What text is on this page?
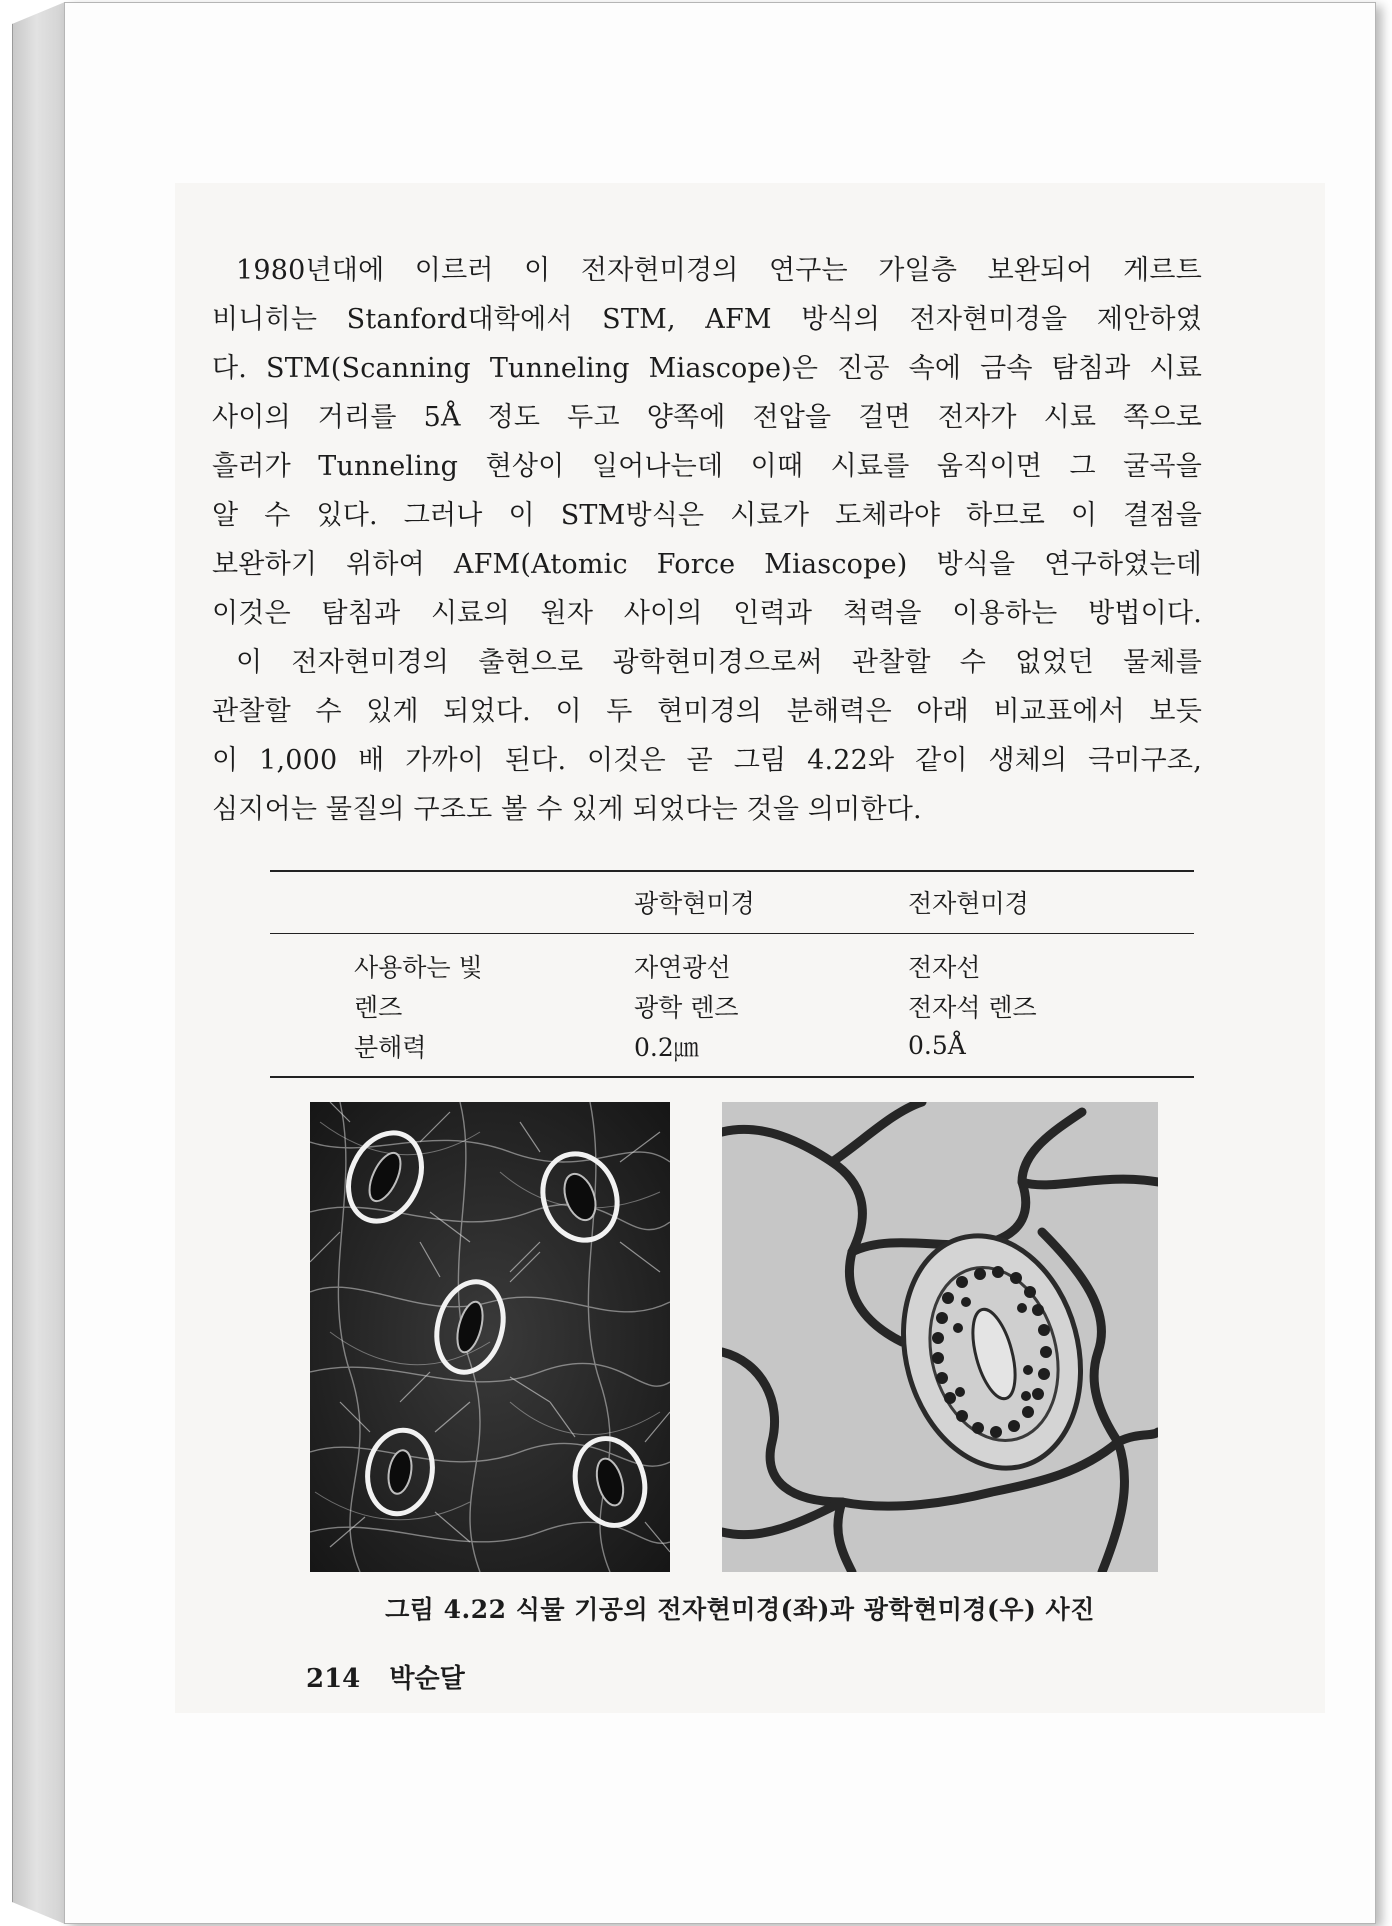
1980년대에 이르러 이 전자현미경의 연구는 가일층 보완되어 게르트
비니히는 Stanford대학에서 STM, AFM 방식의 전자현미경을 제안하였
다. STM(Scanning Tunneling Miascope)은 진공 속에 금속 탐침과 시료
사이의 거리를 5Å 정도 두고 양쪽에 전압을 걸면 전자가 시료 쪽으로
흘러가 Tunneling 현상이 일어나는데 이때 시료를 움직이면 그 굴곡을
알 수 있다. 그러나 이 STM방식은 시료가 도체라야 하므로 이 결점을
보완하기 위하여 AFM(Atomic Force Miascope) 방식을 연구하였는데
이것은 탐침과 시료의 원자 사이의 인력과 척력을 이용하는 방법이다.

이 전자현미경의 출현으로 광학현미경으로써 관찰할 수 없었던 물체를
관찰할 수 있게 되었다. 이 두 현미경의 분해력은 아래 비교표에서 보듯
이 1,000 배 가까이 된다. 이것은 곧 그림 4.22와 같이 생체의 극미구조,
심지어는 물질의 구조도 볼 수 있게 되었다는 것을 의미한다.

	광학현미경	전자현미경
사용하는 빛	자연광선	전자선
렌즈	광학 렌즈	전자석 렌즈
분해력	0.2㎛	0.5Å
그림 4.22 식물 기공의 전자현미경(좌)과 광학현미경(우) 사진
214 박순달
